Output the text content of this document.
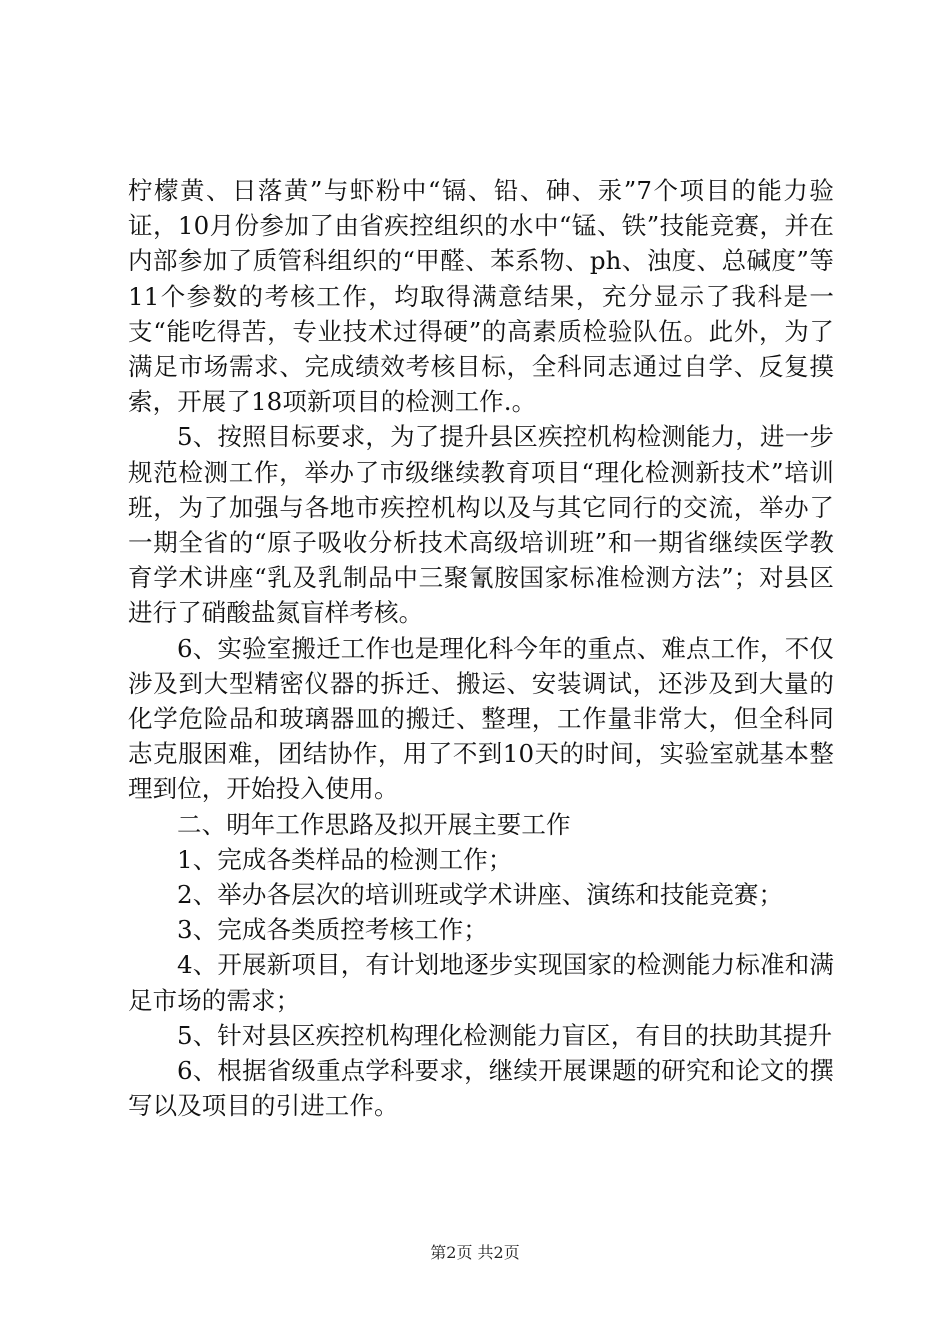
柠檬黄、日落黄”与虾粉中“镉、铅、砷、汞”7个项目的能力验证，10月份参加了由省疾控组织的水中“锰、铁”技能竞赛，并在内部参加了质管科组织的“甲醛、苯系物、ph、浊度、总碱度”等11个参数的考核工作，均取得满意结果，充分显示了我科是一支“能吃得苦，专业技术过得硬”的高素质检验队伍。此外，为了满足市场需求、完成绩效考核目标，全科同志通过自学、反复摸索，开展了18项新项目的检测工作.。

5、按照目标要求，为了提升县区疾控机构检测能力，进一步规范检测工作，举办了市级继续教育项目“理化检测新技术”培训班，为了加强与各地市疾控机构以及与其它同行的交流，举办了一期全省的“原子吸收分析技术高级培训班”和一期省继续医学教育学术讲座“乳及乳制品中三聚氰胺国家标准检测方法”；对县区进行了硝酸盐氮盲样考核。

6、实验室搬迁工作也是理化科今年的重点、难点工作，不仅涉及到大型精密仪器的拆迁、搬运、安装调试，还涉及到大量的化学危险品和玻璃器皿的搬迁、整理，工作量非常大，但全科同志克服困难，团结协作，用了不到10天的时间，实验室就基本整理到位，开始投入使用。

二、明年工作思路及拟开展主要工作

1、完成各类样品的检测工作；

2、举办各层次的培训班或学术讲座、演练和技能竞赛；

3、完成各类质控考核工作；

4、开展新项目，有计划地逐步实现国家的检测能力标准和满足市场的需求；

5、针对县区疾控机构理化检测能力盲区，有目的扶助其提升

6、根据省级重点学科要求，继续开展课题的研究和论文的撰写以及项目的引进工作。

第2页 共2页
